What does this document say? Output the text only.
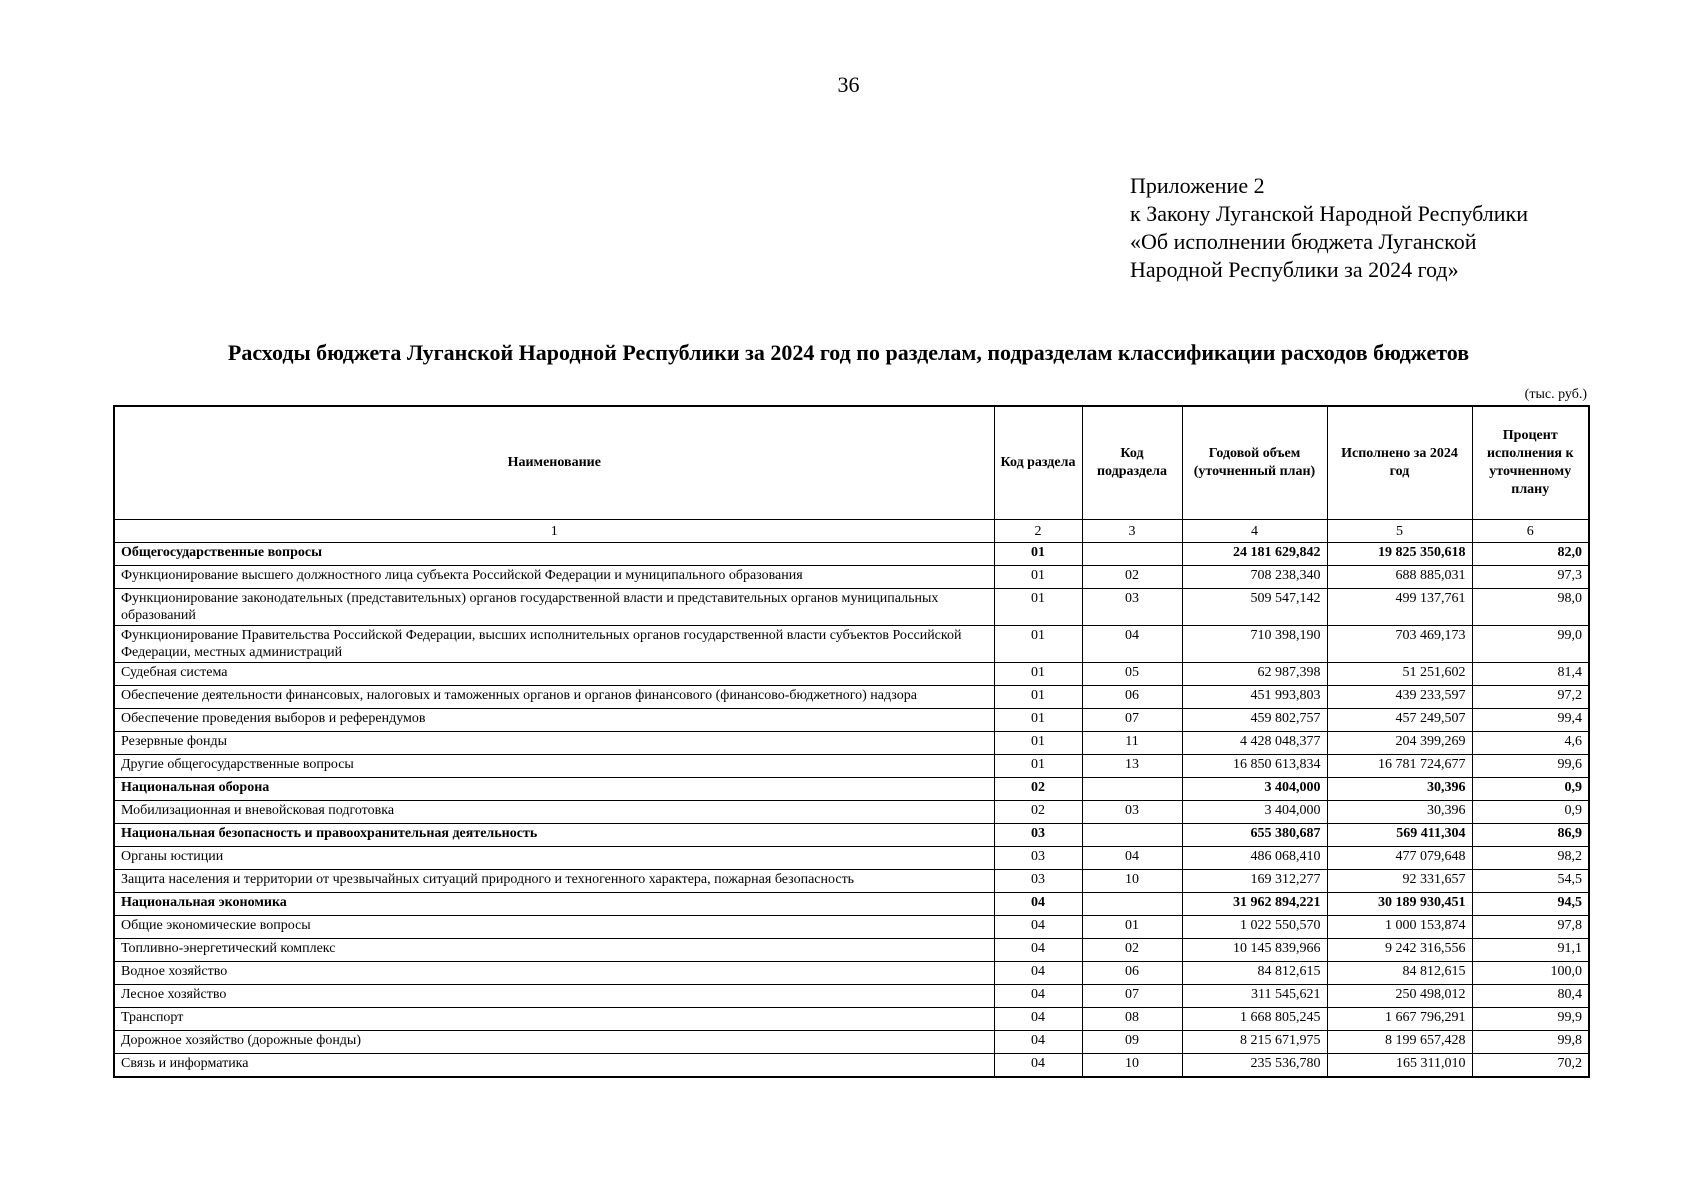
36
Приложение 2
к Закону Луганской Народной Республики
«Об исполнении бюджета Луганской
Народной Республики за 2024 год»
Расходы бюджета Луганской Народной Республики за 2024 год по разделам, подразделам классификации расходов бюджетов
(тыс. руб.)
Наименование	Код раздела	Код подраздела	Годовой объем (уточненный план)	Исполнено за 2024 год	Процент исполнения к уточненному плану
1	2	3	4	5	6
Общегосударственные вопросы	01		24 181 629,842	19 825 350,618	82,0
Функционирование высшего должностного лица субъекта Российской Федерации и муниципального образования	01	02	708 238,340	688 885,031	97,3
Функционирование законодательных (представительных) органов государственной власти и представительных органов муниципальных образований	01	03	509 547,142	499 137,761	98,0
Функционирование Правительства Российской Федерации, высших исполнительных органов государственной власти субъектов Российской Федерации, местных администраций	01	04	710 398,190	703 469,173	99,0
Судебная система	01	05	62 987,398	51 251,602	81,4
Обеспечение деятельности финансовых, налоговых и таможенных органов и органов финансового (финансово-бюджетного) надзора	01	06	451 993,803	439 233,597	97,2
Обеспечение проведения выборов и референдумов	01	07	459 802,757	457 249,507	99,4
Резервные фонды	01	11	4 428 048,377	204 399,269	4,6
Другие общегосударственные вопросы	01	13	16 850 613,834	16 781 724,677	99,6
Национальная оборона	02		3 404,000	30,396	0,9
Мобилизационная и вневойсковая подготовка	02	03	3 404,000	30,396	0,9
Национальная безопасность и правоохранительная деятельность	03		655 380,687	569 411,304	86,9
Органы юстиции	03	04	486 068,410	477 079,648	98,2
Защита населения и территории от чрезвычайных ситуаций природного и техногенного характера, пожарная безопасность	03	10	169 312,277	92 331,657	54,5
Национальная экономика	04		31 962 894,221	30 189 930,451	94,5
Общие экономические вопросы	04	01	1 022 550,570	1 000 153,874	97,8
Топливно-энергетический комплекс	04	02	10 145 839,966	9 242 316,556	91,1
Водное хозяйство	04	06	84 812,615	84 812,615	100,0
Лесное хозяйство	04	07	311 545,621	250 498,012	80,4
Транспорт	04	08	1 668 805,245	1 667 796,291	99,9
Дорожное хозяйство (дорожные фонды)	04	09	8 215 671,975	8 199 657,428	99,8
Связь и информатика	04	10	235 536,780	165 311,010	70,2
